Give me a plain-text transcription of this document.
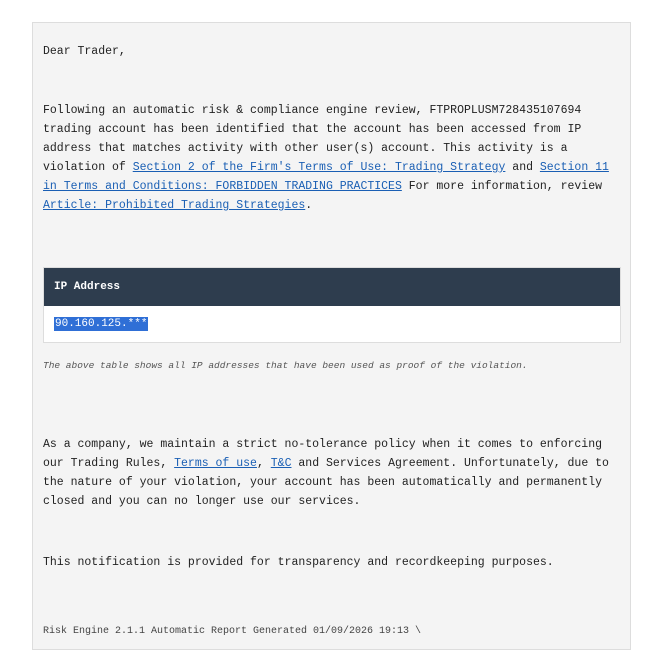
Dear Trader,

Following an automatic risk & compliance engine review, FTPROPLUSM728435107694 trading account has been identified that the account has been accessed from IP address that matches activity with other user(s) account. This activity is a violation of Section 2 of the Firm's Terms of Use: Trading Strategy and Section 11 in Terms and Conditions: FORBIDDEN TRADING PRACTICES For more information, review Article: Prohibited Trading Strategies.

IP Address
90.160.125.***

The above table shows all IP addresses that have been used as proof of the violation.

As a company, we maintain a strict no-tolerance policy when it comes to enforcing our Trading Rules, Terms of use, T&C and Services Agreement. Unfortunately, due to the nature of your violation, your account has been automatically and permanently closed and you can no longer use our services.

This notification is provided for transparency and recordkeeping purposes.

Risk Engine 2.1.1 Automatic Report Generated 01/09/2026 19:13 \
